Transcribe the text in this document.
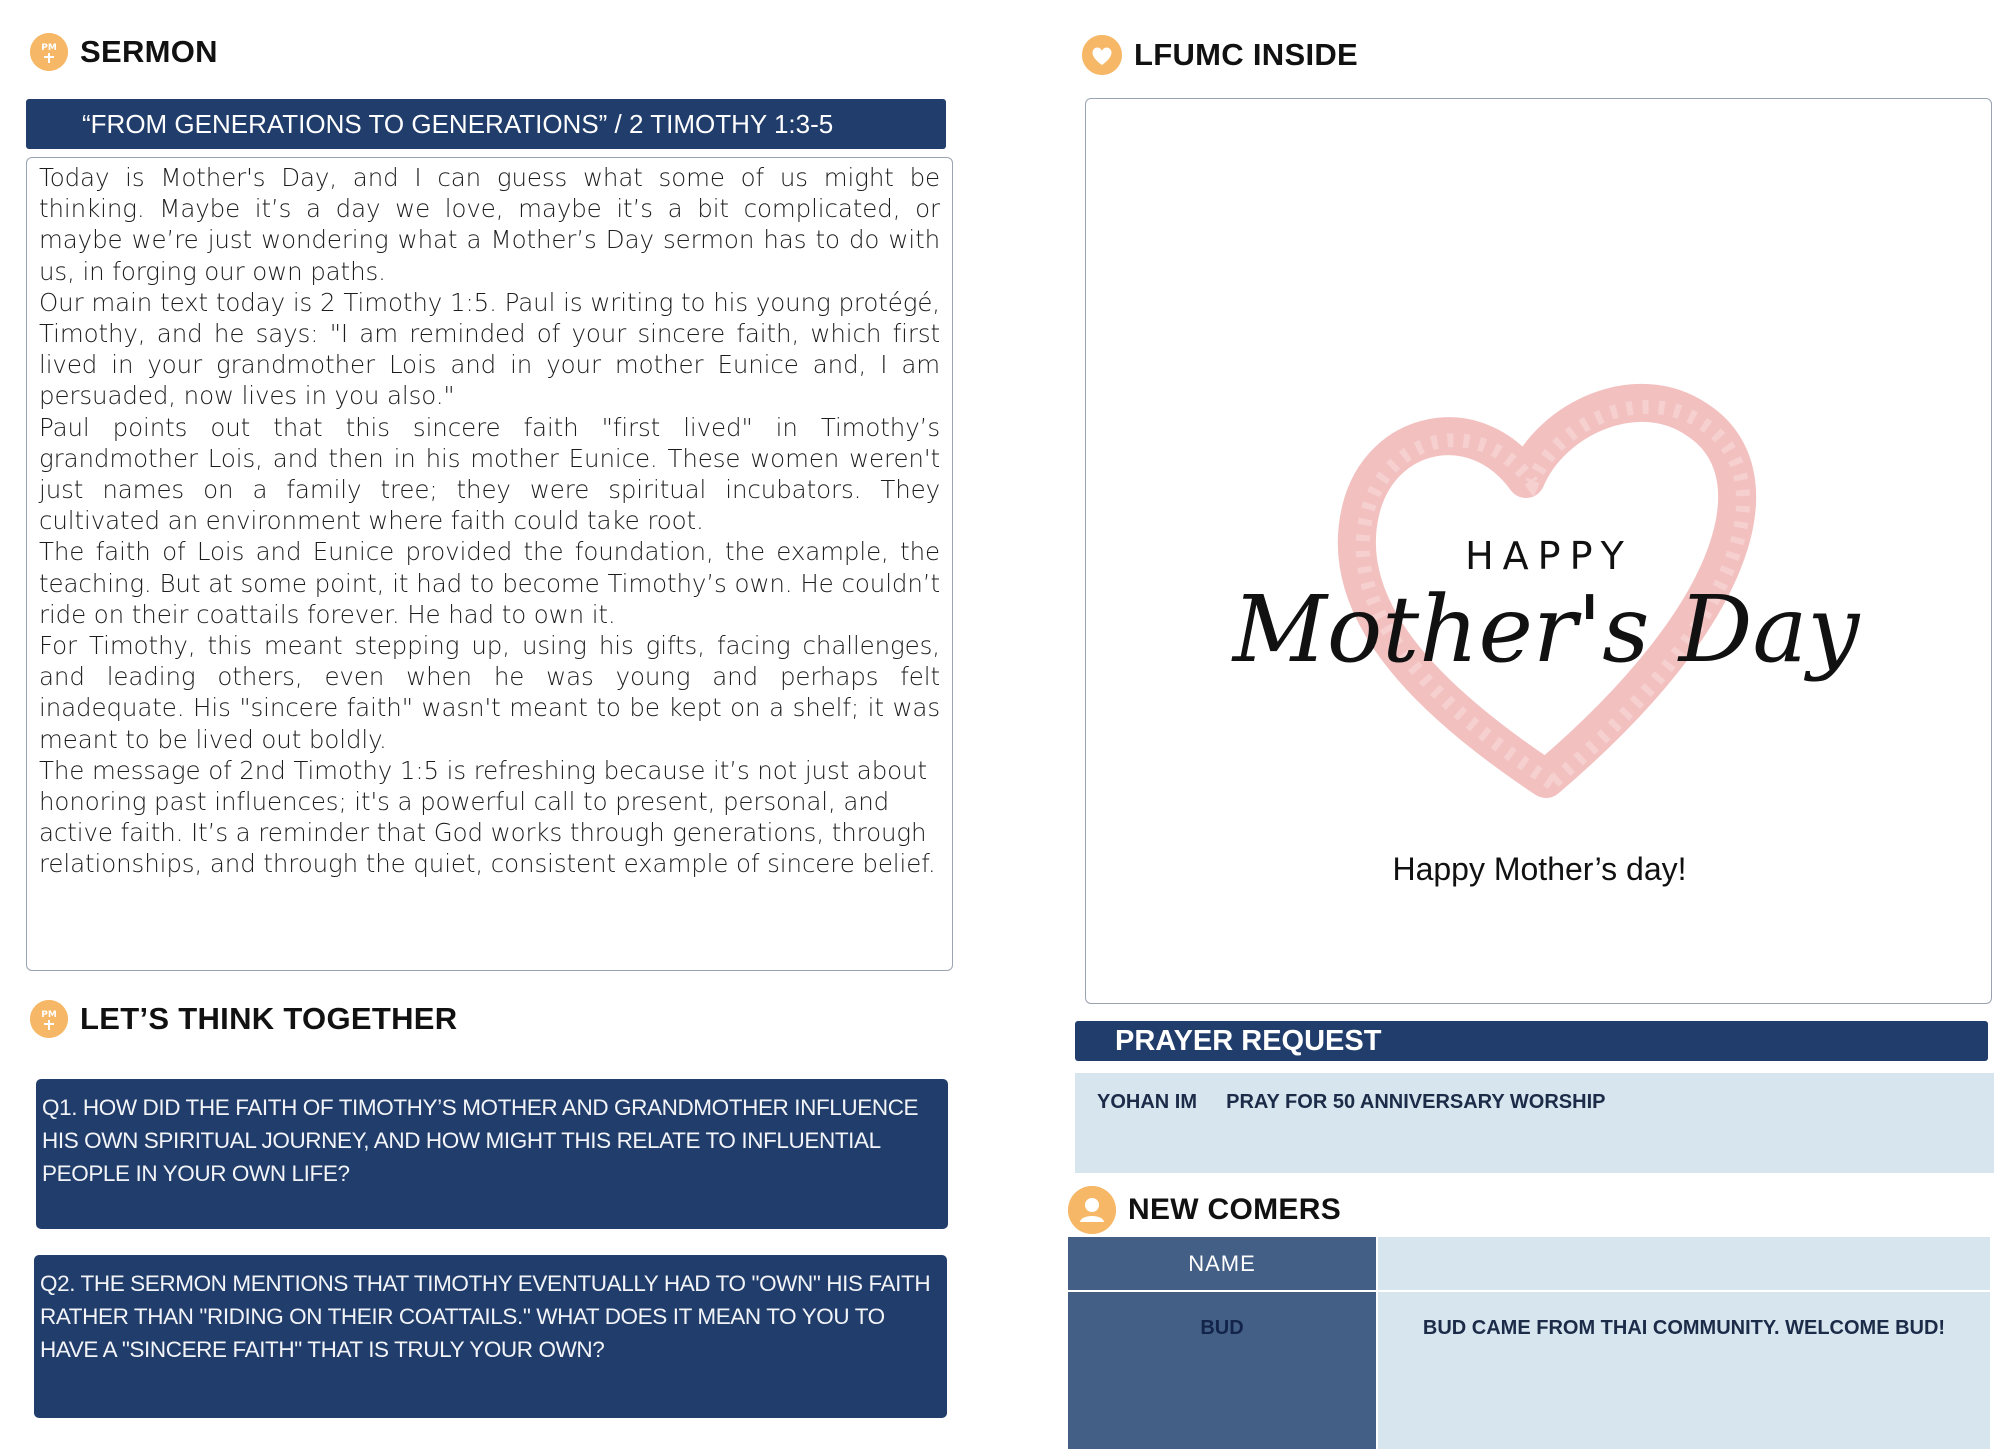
PM SERMON
“FROM GENERATIONS TO GENERATIONS” / 2 TIMOTHY 1:3-5

Today is Mother's Day, and I can guess what some of us might be thinking. Maybe it’s a day we love, maybe it’s a bit complicated, or maybe we’re just wondering what a Mother’s Day sermon has to do with us, in forging our own paths.

Our main text today is 2 Timothy 1:5. Paul is writing to his young protégé, Timothy, and he says: "I am reminded of your sincere faith, which first lived in your grandmother Lois and in your mother Eunice and, I am persuaded, now lives in you also."

Paul points out that this sincere faith "first lived" in Timothy’s grandmother Lois, and then in his mother Eunice. These women weren't just names on a family tree; they were spiritual incubators. They cultivated an environment where faith could take root.

The faith of Lois and Eunice provided the foundation, the example, the teaching. But at some point, it had to become Timothy’s own. He couldn’t ride on their coattails forever. He had to own it.

For Timothy, this meant stepping up, using his gifts, facing challenges, and leading others, even when he was young and perhaps felt inadequate. His "sincere faith" wasn't meant to be kept on a shelf; it was meant to be lived out boldly.

The message of 2nd Timothy 1:5 is refreshing because it’s not just about honoring past influences; it's a powerful call to present, personal, and active faith. It’s a reminder that God works through generations, through relationships, and through the quiet, consistent example of sincere belief.

PM LET’S THINK TOGETHER
Q1. HOW DID THE FAITH OF TIMOTHY’S MOTHER AND GRANDMOTHER INFLUENCE HIS OWN SPIRITUAL JOURNEY, AND HOW MIGHT THIS RELATE TO INFLUENTIAL PEOPLE IN YOUR OWN LIFE?
Q2. THE SERMON MENTIONS THAT TIMOTHY EVENTUALLY HAD TO "OWN" HIS FAITH RATHER THAN "RIDING ON THEIR COATTAILS." WHAT DOES IT MEAN TO YOU TO HAVE A "SINCERE FAITH" THAT IS TRULY YOUR OWN?
LFUMC INSIDE
HAPPY
Mother's Day
Happy Mother’s day!
PRAYER REQUEST
YOHAN IM PRAY FOR 50 ANNIVERSARY WORSHIP
NEW COMERS
NAME
BUD	BUD CAME FROM THAI COMMUNITY. WELCOME BUD!
